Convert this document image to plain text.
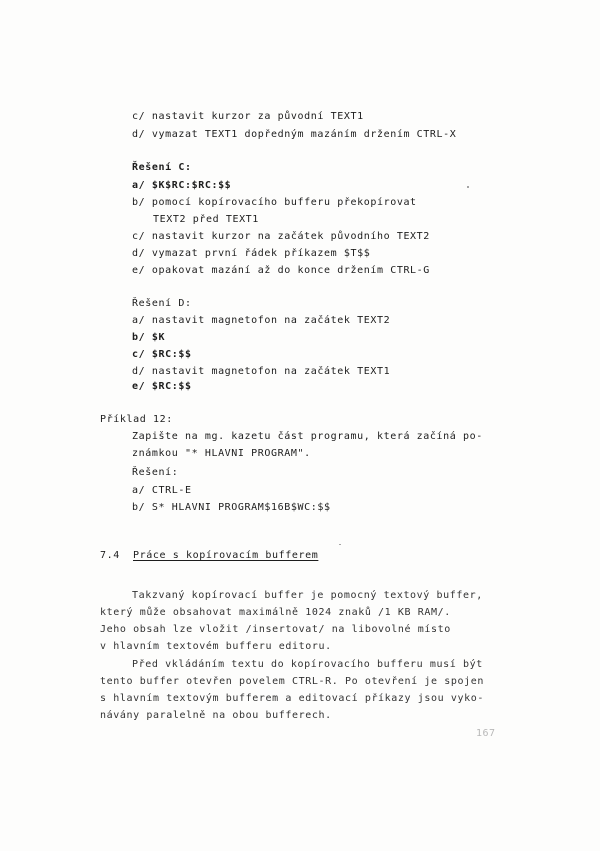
c/ nastavit kurzor za původní TEXT1
d/ vymazat TEXT1 dopředným mazáním držením CTRL-X
Řešení C:
a/ $K$RC:$RC:$$
b/ pomocí kopírovacího bufferu překopírovat
TEXT2 před TEXT1
c/ nastavit kurzor na začátek původního TEXT2
d/ vymazat první řádek příkazem $T$$
e/ opakovat mazání až do konce držením CTRL-G
Řešení D:
a/ nastavit magnetofon na začátek TEXT2
b/ $K
c/ $RC:$$
d/ nastavit magnetofon na začátek TEXT1
e/ $RC:$$
Příklad 12:
Zapište na mg. kazetu část programu, která začíná po-
známkou "* HLAVNI PROGRAM".
Řešení:
a/ CTRL-E
b/ S* HLAVNI PROGRAM$16B$WC:$$
7.4 Práce s kopírovacím bufferem
Takzvaný kopírovací buffer je pomocný textový buffer,
který může obsahovat maximálně 1024 znaků /1 KB RAM/.
Jeho obsah lze vložit /insertovat/ na libovolné místo
v hlavním textovém bufferu editoru.
Před vkládáním textu do kopírovacího bufferu musí být
tento buffer otevřen povelem CTRL-R. Po otevření je spojen
s hlavním textovým bufferem a editovací příkazy jsou vyko-
návány paralelně na obou bufferech.
167
